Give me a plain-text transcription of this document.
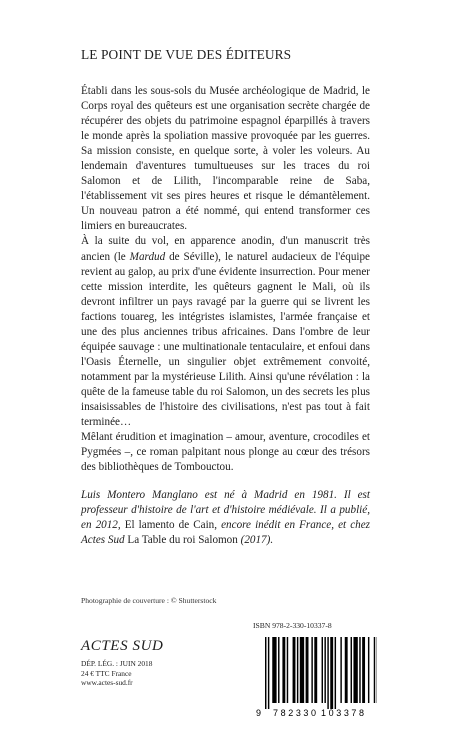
LE POINT DE VUE DES ÉDITEURS

Établi dans les sous-sols du Musée archéologique de Madrid, le Corps royal des quêteurs est une organisation secrète chargée de récupérer des objets du patrimoine espagnol éparpillés à travers le monde après la spoliation massive provoquée par les guerres. Sa mission consiste, en quelque sorte, à voler les voleurs. Au lendemain d'aventures tumultueuses sur les traces du roi Salomon et de Lilith, l'incomparable reine de Saba, l'établissement vit ses pires heures et risque le démantèlement. Un nouveau patron a été nommé, qui entend transformer ces limiers en bureaucrates.

À la suite du vol, en apparence anodin, d'un manuscrit très ancien (le Mardud de Séville), le naturel audacieux de l'équipe revient au galop, au prix d'une évidente insurrection. Pour mener cette mission interdite, les quêteurs gagnent le Mali, où ils devront infiltrer un pays ravagé par la guerre qui se livrent les factions touareg, les intégristes islamistes, l'armée française et une des plus anciennes tribus africaines. Dans l'ombre de leur équipée sauvage : une multinationale tentaculaire, et enfoui dans l'Oasis Éternelle, un singulier objet extrêmement convoité, notamment par la mystérieuse Lilith. Ainsi qu'une révélation : la quête de la fameuse table du roi Salomon, un des secrets les plus insaisissables de l'histoire des civilisations, n'est pas tout à fait terminée…

Mêlant érudition et imagination – amour, aventure, crocodiles et Pygmées –, ce roman palpitant nous plonge au cœur des trésors des bibliothèques de Tombouctou.

Luis Montero Manglano est né à Madrid en 1981. Il est professeur d'histoire de l'art et d'histoire médiévale. Il a publié, en 2012, El lamento de Cain, encore inédit en France, et chez Actes Sud La Table du roi Salomon (2017).
Photographie de couverture : © Shutterstock
ACTES SUD
DÉP. LÉG. : JUIN 2018
24 € TTC France
www.actes-sud.fr
ISBN 978-2-330-10337-8
9 782330 103378
